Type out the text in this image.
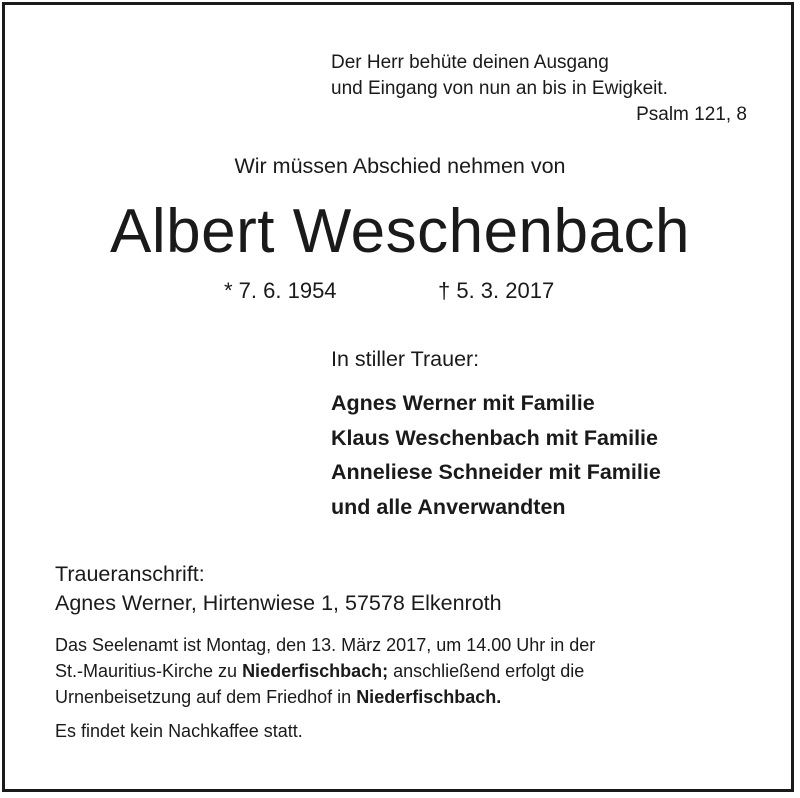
Der Herr behüte deinen Ausgang
und Eingang von nun an bis in Ewigkeit.
Psalm 121, 8
Wir müssen Abschied nehmen von
Albert Weschenbach
* 7. 6. 1954	† 5. 3. 2017
In stiller Trauer:
Agnes Werner mit Familie
Klaus Weschenbach mit Familie
Anneliese Schneider mit Familie
und alle Anverwandten
Traueranschrift:
Agnes Werner, Hirtenwiese 1, 57578 Elkenroth
Das Seelenamt ist Montag, den 13. März 2017, um 14.00 Uhr in der
St.-Mauritius-Kirche zu Niederfischbach; anschließend erfolgt die
Urnenbeisetzung auf dem Friedhof in Niederfischbach.
Es findet kein Nachkaffee statt.
